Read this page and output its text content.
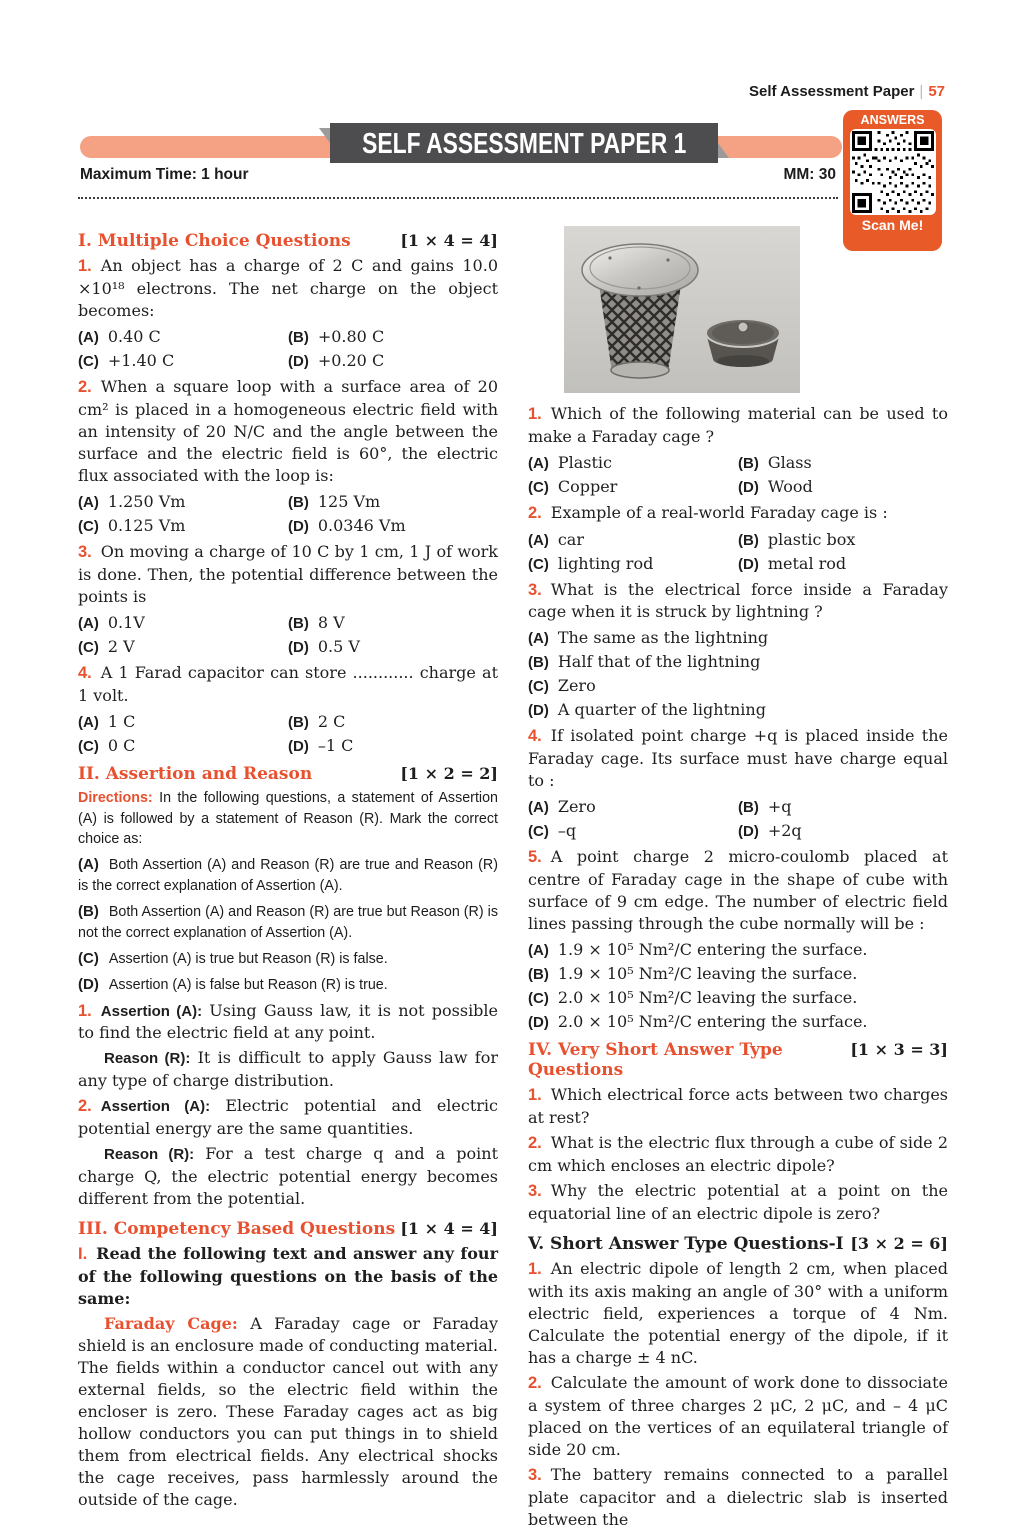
Self Assessment Paper | 57
SELF ASSESSMENT PAPER 1
Maximum Time: 1 hour	MM: 30
ANSWERS
Scan Me!
I. Multiple Choice Questions	[1 × 4 = 4]

1. An object has a charge of 2 C and gains 10.0 ×10¹⁸ electrons. The net charge on the object becomes:

(A) 0.40 C	(B) +0.80 C
(C) +1.40 C	(D) +0.20 C

2. When a square loop with a surface area of 20 cm² is placed in a homogeneous electric field with an intensity of 20 N/C and the angle between the surface and the electric field is 60°, the electric flux associated with the loop is:

(A) 1.250 Vm	(B) 125 Vm
(C) 0.125 Vm	(D) 0.0346 Vm

3. On moving a charge of 10 C by 1 cm, 1 J of work is done. Then, the potential difference between the points is

(A) 0.1V	(B) 8 V
(C) 2 V	(D) 0.5 V

4. A 1 Farad capacitor can store ............ charge at 1 volt.

(A) 1 C	(B) 2 C
(C) 0 C	(D) –1 C
II. Assertion and Reason	[1 × 2 = 2]

Directions: In the following questions, a statement of Assertion (A) is followed by a statement of Reason (R). Mark the correct choice as:

(A) Both Assertion (A) and Reason (R) are true and Reason (R) is the correct explanation of Assertion (A).

(B) Both Assertion (A) and Reason (R) are true but Reason (R) is not the correct explanation of Assertion (A).

(C) Assertion (A) is true but Reason (R) is false.

(D) Assertion (A) is false but Reason (R) is true.

1. Assertion (A): Using Gauss law, it is not possible to find the electric field at any point.

Reason (R): It is difficult to apply Gauss law for any type of charge distribution.

2. Assertion (A): Electric potential and electric potential energy are the same quantities.

Reason (R): For a test charge q and a point charge Q, the electric potential energy becomes different from the potential.

III. Competency Based Questions [1 × 4 = 4]

I. Read the following text and answer any four of the following questions on the basis of the same:

Faraday Cage: A Faraday cage or Faraday shield is an enclosure made of conducting material. The fields within a conductor cancel out with any external fields, so the electric field within the encloser is zero. These Faraday cages act as big hollow conductors you can put things in to shield them from electrical fields. Any electrical shocks the cage receives, pass harmlessly around the outside of the cage.

1. Which of the following material can be used to make a Faraday cage ?

(A) Plastic	(B) Glass
(C) Copper	(D) Wood

2. Example of a real-world Faraday cage is :

(A) car	(B) plastic box
(C) lighting rod	(D) metal rod

3. What is the electrical force inside a Faraday cage when it is struck by lightning ?

(A) The same as the lightning
(B) Half that of the lightning
(C) Zero
(D) A quarter of the lightning

4. If isolated point charge +q is placed inside the Faraday cage. Its surface must have charge equal to :

(A) Zero	(B) +q
(C) –q	(D) +2q

5. A point charge 2 micro-coulomb placed at centre of Faraday cage in the shape of cube with surface of 9 cm edge. The number of electric field lines passing through the cube normally will be :

(A) 1.9 × 10⁵ Nm²/C entering the surface.
(B) 1.9 × 10⁵ Nm²/C leaving the surface.
(C) 2.0 × 10⁵ Nm²/C leaving the surface.
(D) 2.0 × 10⁵ Nm²/C entering the surface.
IV. Very Short Answer Type Questions
[1 × 3 = 3]

1. Which electrical force acts between two charges at rest?

2. What is the electric flux through a cube of side 2 cm which encloses an electric dipole?

3. Why the electric potential at a point on the equatorial line of an electric dipole is zero?

V. Short Answer Type Questions-I [3 × 2 = 6]

1. An electric dipole of length 2 cm, when placed with its axis making an angle of 30° with a uniform electric field, experiences a torque of 4 Nm. Calculate the potential energy of the dipole, if it has a charge ± 4 nC.

2. Calculate the amount of work done to dissociate a system of three charges 2 μC, 2 μC, and – 4 μC placed on the vertices of an equilateral triangle of side 20 cm.

3. The battery remains connected to a parallel plate capacitor and a dielectric slab is inserted between the
